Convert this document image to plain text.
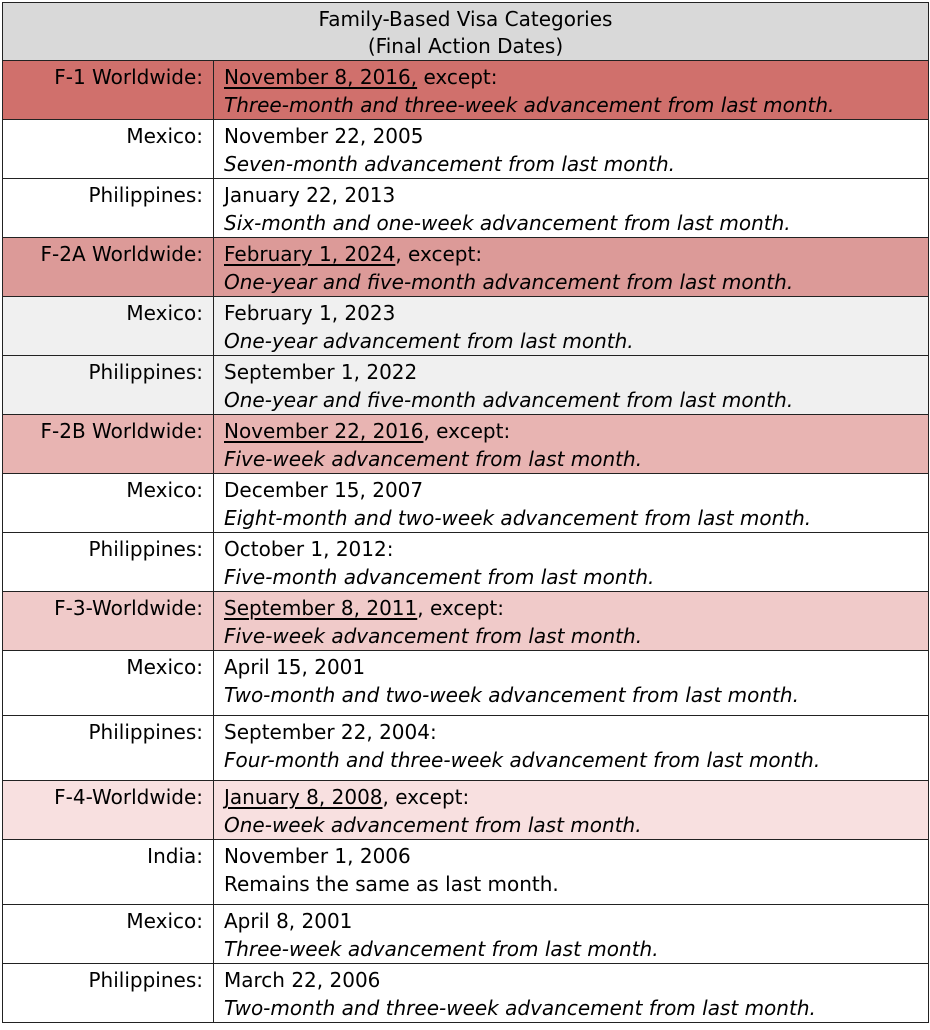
Family-Based Visa Categories
(Final Action Dates)	

F-1 Worldwide:	November 8, 2016, except:
Three-month and three-week advancement from last month.

Mexico:	November 22, 2005
Seven-month advancement from last month.

Philippines:	January 22, 2013
Six-month and one-week advancement from last month.

F-2A Worldwide:	February 1, 2024, except:
One-year and five-month advancement from last month.

Mexico:	February 1, 2023
One-year advancement from last month.

Philippines:	September 1, 2022
One-year and five-month advancement from last month.

F-2B Worldwide:	November 22, 2016, except:
Five-week advancement from last month.

Mexico:	December 15, 2007
Eight-month and two-week advancement from last month.

Philippines:	October 1, 2012:
Five-month advancement from last month.

F-3-Worldwide:	September 8, 2011, except:
Five-week advancement from last month.

Mexico:	April 15, 2001
Two-month and two-week advancement from last month.

Philippines:	September 22, 2004:
Four-month and three-week advancement from last month.

F-4-Worldwide:	January 8, 2008, except:
One-week advancement from last month.

India:	November 1, 2006
Remains the same as last month.

Mexico:	April 8, 2001
Three-week advancement from last month.

Philippines:	March 22, 2006
Two-month and three-week advancement from last month.
